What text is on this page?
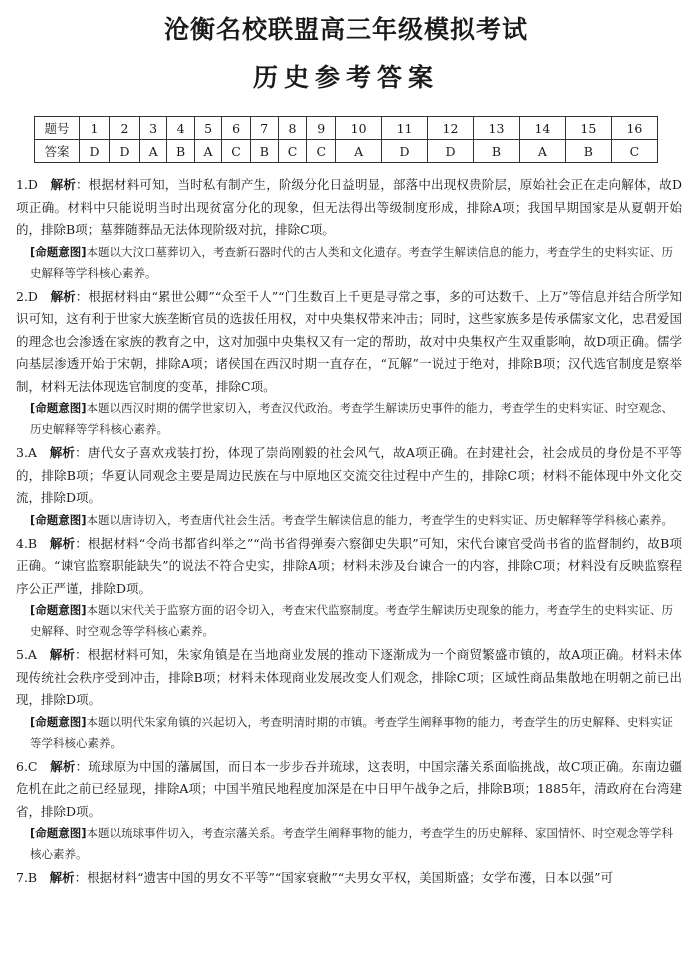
沧衡名校联盟高三年级模拟考试
历史参考答案
题号	1	2	3	4	5	6	7	8	9	10	11	12	13	14	15	16
答案	D	D	A	B	A	C	B	C	C	A	D	D	B	A	B	C

1.D  解析：根据材料可知，当时私有制产生，阶级分化日益明显，部落中出现权贵阶层，原始社会正在走向解体，故D项正确。材料中只能说明当时出现贫富分化的现象，但无法得出等级制度形成，排除A项；我国早期国家是从夏朝开始的，排除B项；墓葬随葬品无法体现阶级对抗，排除C项。

[命题意图]本题以大汶口墓葬切入，考查新石器时代的古人类和文化遗存。考查学生解读信息的能力，考查学生的史料实证、历史解释等学科核心素养。

2.D  解析：根据材料由“累世公卿”“众至千人”“门生数百上千更是寻常之事，多的可达数千、上万”等信息并结合所学知识可知，这有利于世家大族垄断官员的选拔任用权，对中央集权带来冲击；同时，这些家族多是传承儒家文化，忠君爱国的理念也会渗透在家族的教育之中，这对加强中央集权又有一定的帮助，故对中央集权产生双重影响，故D项正确。儒学向基层渗透开始于宋朝，排除A项；诸侯国在西汉时期一直存在，“瓦解”一说过于绝对，排除B项；汉代选官制度是察举制，材料无法体现选官制度的变革，排除C项。

[命题意图]本题以西汉时期的儒学世家切入，考查汉代政治。考查学生解读历史事件的能力，考查学生的史料实证、时空观念、历史解释等学科核心素养。

3.A  解析：唐代女子喜欢戎装打扮，体现了崇尚刚毅的社会风气，故A项正确。在封建社会，社会成员的身份是不平等的，排除B项；华夏认同观念主要是周边民族在与中原地区交流交往过程中产生的，排除C项；材料不能体现中外文化交流，排除D项。

[命题意图]本题以唐诗切入，考查唐代社会生活。考查学生解读信息的能力，考查学生的史料实证、历史解释等学科核心素养。

4.B  解析：根据材料“令尚书都省纠举之”“尚书省得弹奏六察御史失职”可知，宋代台谏官受尚书省的监督制约，故B项正确。“谏官监察职能缺失”的说法不符合史实，排除A项；材料未涉及台谏合一的内容，排除C项；材料没有反映监察程序公正严谨，排除D项。

[命题意图]本题以宋代关于监察方面的诏令切入，考查宋代监察制度。考查学生解读历史现象的能力，考查学生的史料实证、历史解释、时空观念等学科核心素养。

5.A  解析：根据材料可知，朱家角镇是在当地商业发展的推动下逐渐成为一个商贸繁盛市镇的，故A项正确。材料未体现传统社会秩序受到冲击，排除B项；材料未体现商业发展改变人们观念，排除C项；区域性商品集散地在明朝之前已出现，排除D项。

[命题意图]本题以明代朱家角镇的兴起切入，考查明清时期的市镇。考查学生阐释事物的能力，考查学生的历史解释、史料实证等学科核心素养。

6.C  解析：琉球原为中国的藩属国，而日本一步步吞并琉球，这表明，中国宗藩关系面临挑战，故C项正确。东南边疆危机在此之前已经显现，排除A项；中国半殖民地程度加深是在中日甲午战争之后，排除B项；1885年，清政府在台湾建省，排除D项。

[命题意图]本题以琉球事件切入，考查宗藩关系。考查学生阐释事物的能力，考查学生的历史解释、家国情怀、时空观念等学科核心素养。

7.B  解析：根据材料“遗害中国的男女不平等”“国家衰敝”“夫男女平权，美国斯盛；女学布濩，日本以强”可
